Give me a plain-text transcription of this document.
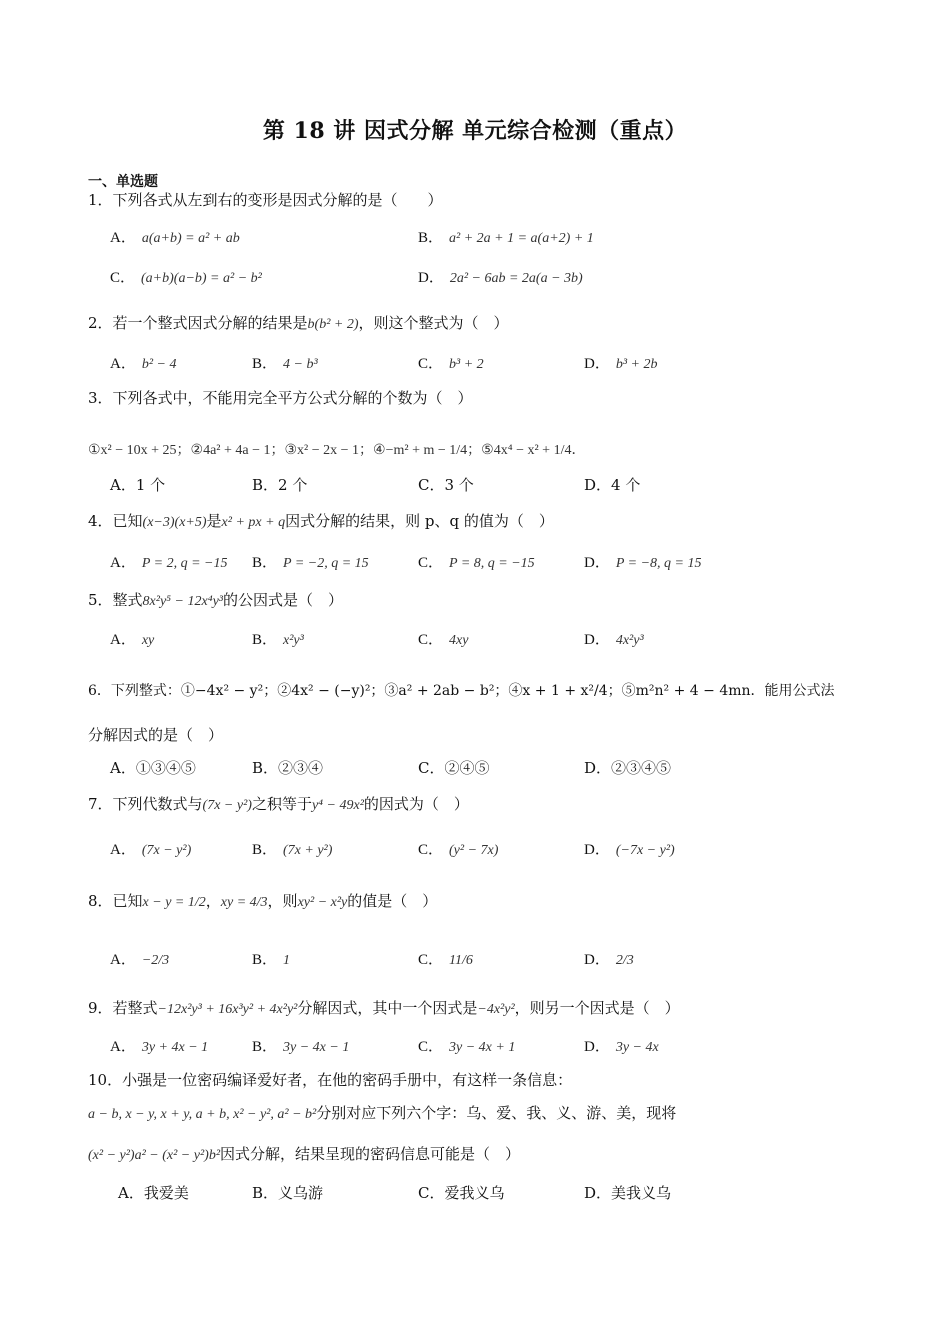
第 18 讲 因式分解 单元综合检测（重点）
一、单选题
1．下列各式从左到右的变形是因式分解的是（　　）
A． a(a+b) = a² + ab	B． a² + 2a + 1 = a(a+2) + 1
C． (a+b)(a−b) = a² − b²	D． 2a² − 6ab = 2a(a − 3b)
2．若一个整式因式分解的结果是b(b² + 2)，则这个整式为（　）
A． b² − 4	B． 4 − b³	C． b³ + 2	D． b³ + 2b
3．下列各式中，不能用完全平方公式分解的个数为（　）
①x² − 10x + 25；②4a² + 4a − 1；③x² − 2x − 1；④−m² + m − 1/4；⑤4x⁴ − x² + 1/4．
A．1 个	B．2 个	C．3 个	D．4 个
4．已知(x−3)(x+5)是x² + px + q因式分解的结果，则 p、q 的值为（　）
A． P = 2, q = −15 B． P = −2, q = 15	C． P = 8, q = −15	D． P = −8, q = 15
5．整式8x²y⁵ − 12x⁴y³的公因式是（　）
A． xy	B． x²y³	C． 4xy	D． 4x²y³
6．下列整式：①−4x² − y²；②4x² − (−y)²；③a² + 2ab − b²；④x + 1 + x²/4；⑤m²n² + 4 − 4mn．能用公式法
分解因式的是（　）
A．①③④⑤	B．②③④	C．②④⑤	D．②③④⑤
7．下列代数式与(7x − y²)之积等于y⁴ − 49x²的因式为（　）
A． (7x − y²)	B． (7x + y²)	C． (y² − 7x)	D． (−7x − y²)
8．已知x − y = 1/2，xy = 4/3，则xy² − x²y的值是（　）
A． −2/3	B． 1	C． 11/6	D． 2/3
9．若整式−12x²y³ + 16x³y² + 4x²y²分解因式，其中一个因式是−4x²y²，则另一个因式是（　）
A． 3y + 4x − 1	B． 3y − 4x − 1	C． 3y − 4x + 1	D． 3y − 4x
10．小强是一位密码编译爱好者，在他的密码手册中，有这样一条信息：
a − b, x − y, x + y, a + b, x² − y², a² − b²分别对应下列六个字：乌、爱、我、义、游、美，现将
(x² − y²)a² − (x² − y²)b²因式分解，结果呈现的密码信息可能是（　）
A．我爱美	B．义乌游	C．爱我义乌	D．美我义乌
